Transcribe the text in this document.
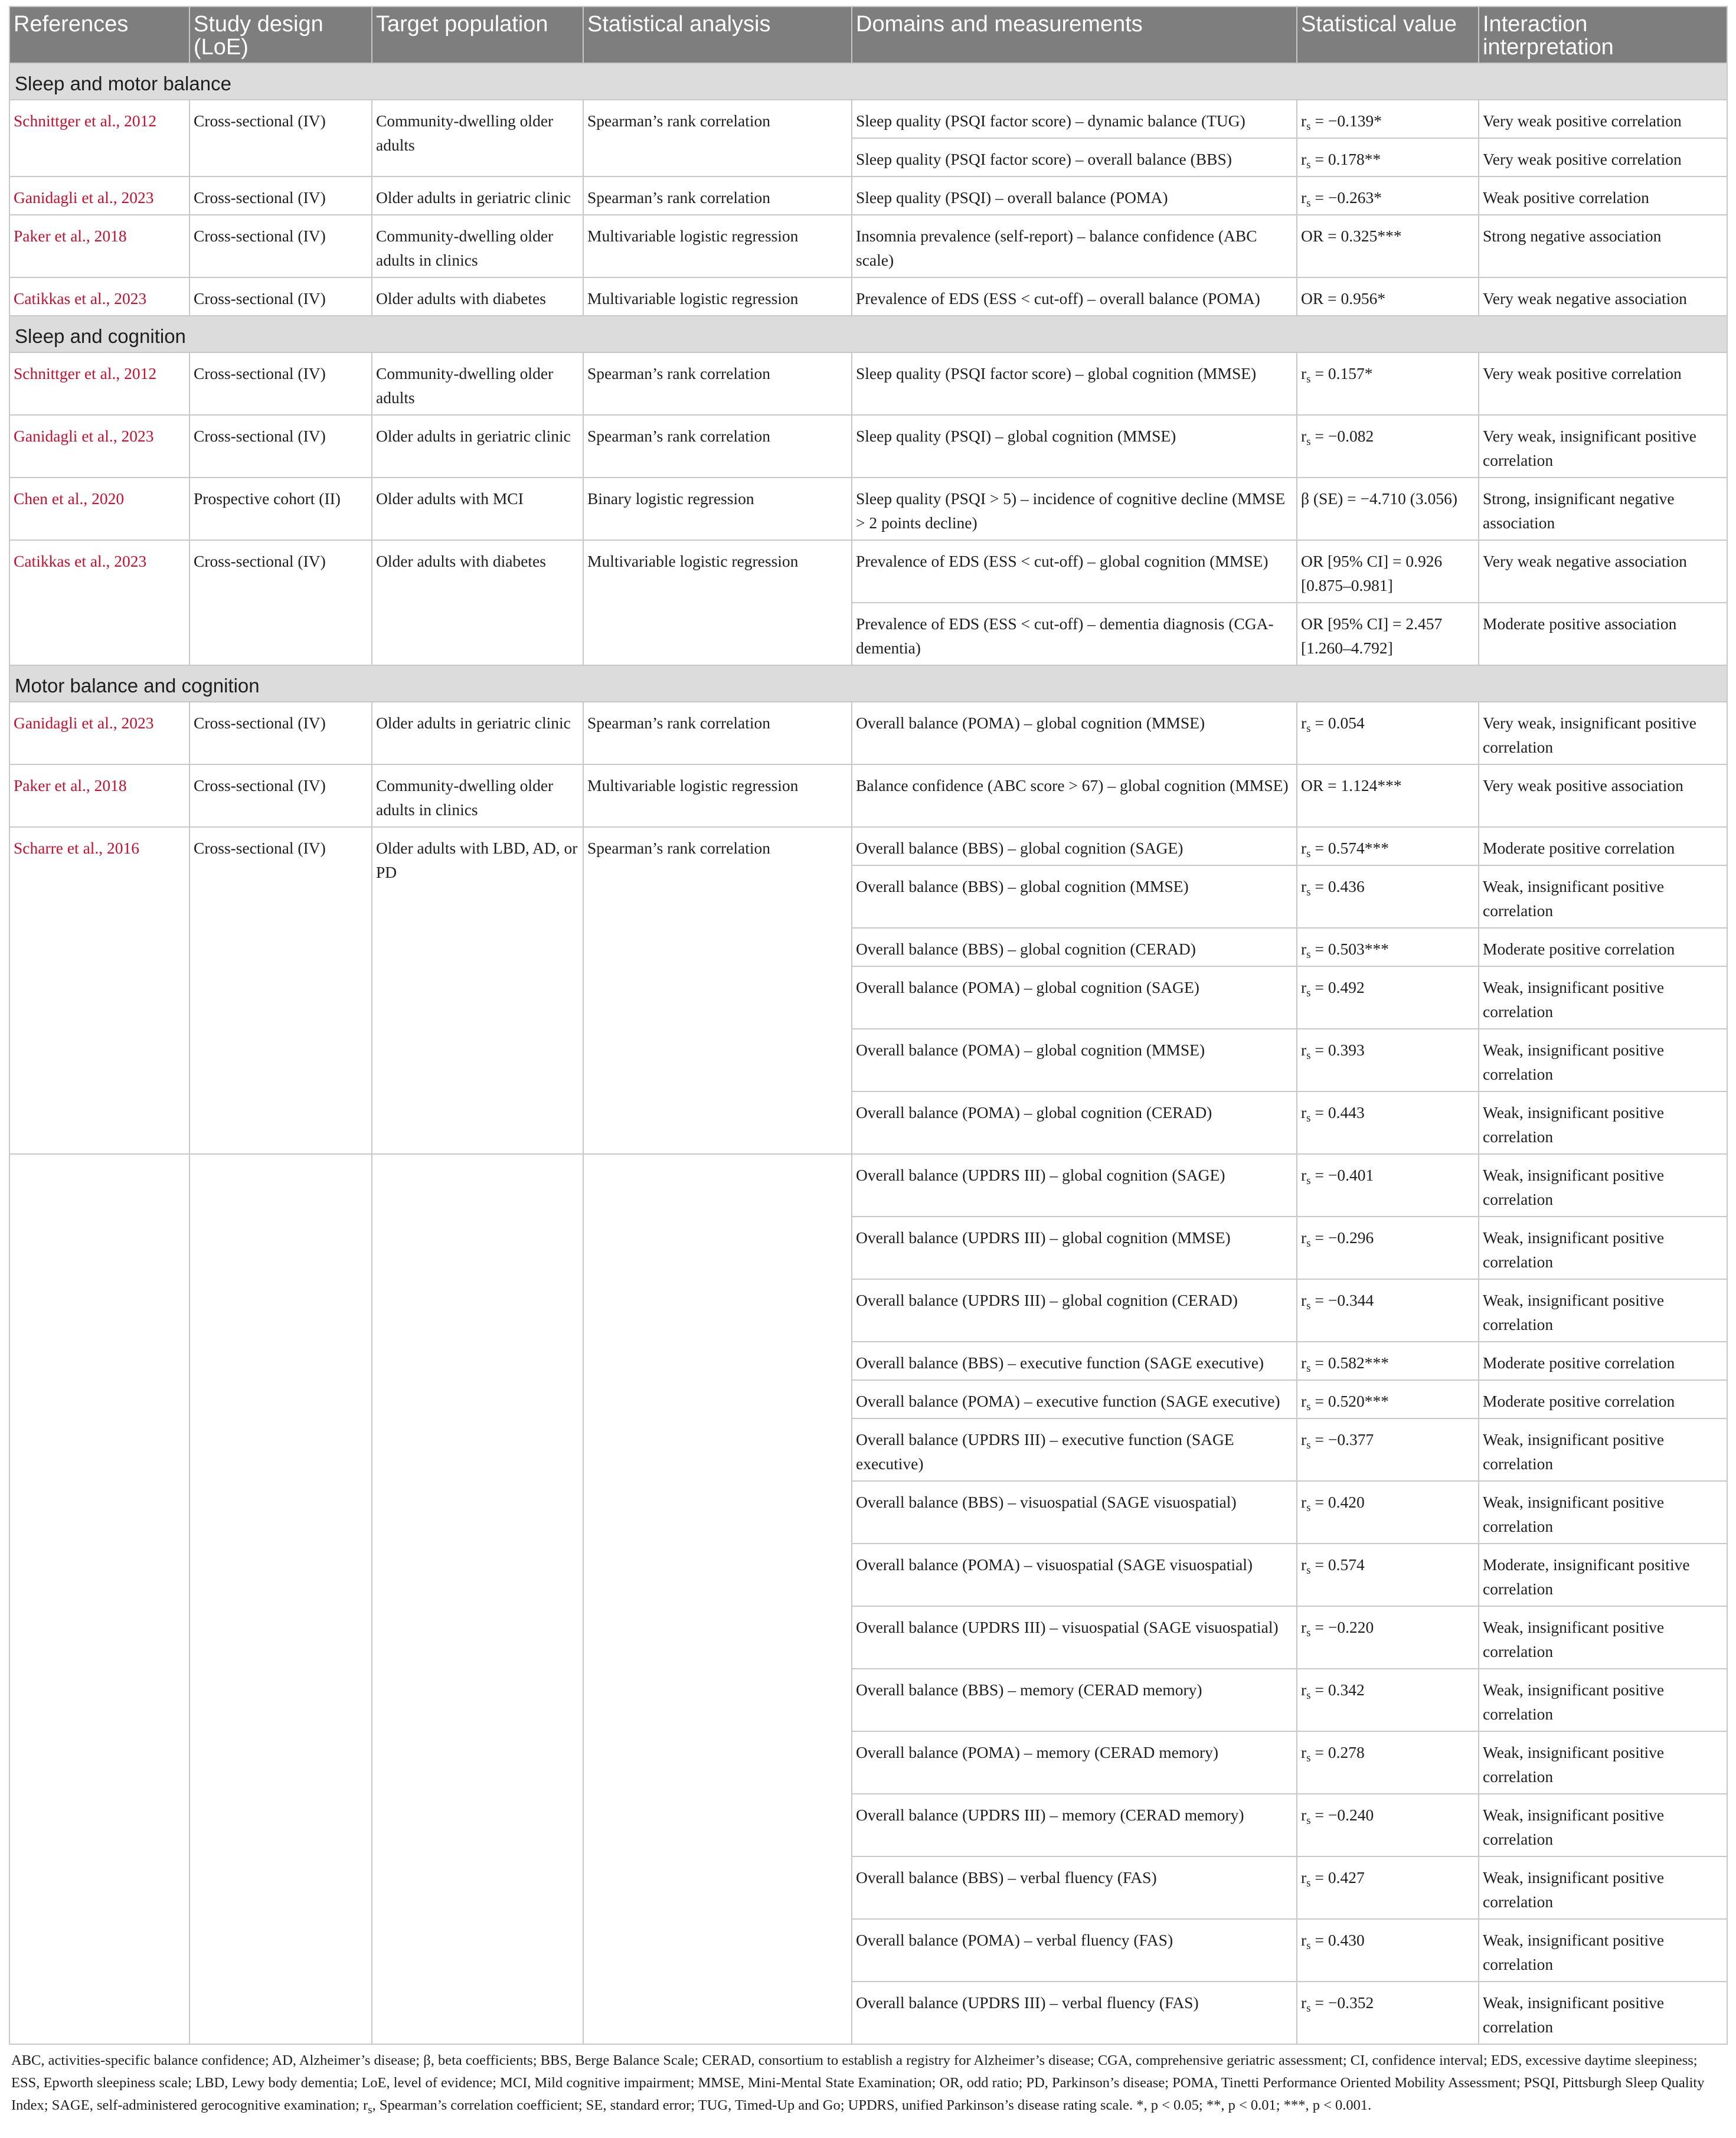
References	Study design (LoE)	Target population	Statistical analysis	Domains and measurements	Statistical value	Interaction interpretation
Sleep and motor balance						
Schnittger et al., 2012	Cross-sectional (IV)	Community-dwelling older adults	Spearman’s rank correlation	Sleep quality (PSQI factor score) – dynamic balance (TUG)	$r_s = -0.139*$	Very weak positive correlation
				Sleep quality (PSQI factor score) – overall balance (BBS)	$r_s = 0.178**$	Very weak positive correlation
Ganidagli et al., 2023	Cross-sectional (IV)	Older adults in geriatric clinic	Spearman’s rank correlation	Sleep quality (PSQI) – overall balance (POMA)	$r_s = -0.263*$	Weak positive correlation
Paker et al., 2018	Cross-sectional (IV)	Community-dwelling older adults in clinics	Multivariable logistic regression	Insomnia prevalence (self-report) – balance confidence (ABC scale)	OR = 0.325***	Strong negative association
Catikkas et al., 2023	Cross-sectional (IV)	Older adults with diabetes	Multivariable logistic regression	Prevalence of EDS (ESS < cut-off) – overall balance (POMA)	OR = 0.956*	Very weak negative association
Sleep and cognition						
Schnittger et al., 2012	Cross-sectional (IV)	Community-dwelling older adults	Spearman’s rank correlation	Sleep quality (PSQI factor score) – global cognition (MMSE)	$r_s = 0.157*$	Very weak positive correlation
Ganidagli et al., 2023	Cross-sectional (IV)	Older adults in geriatric clinic	Spearman’s rank correlation	Sleep quality (PSQI) – global cognition (MMSE)	$r_s = -0.082$	Very weak, insignificant positive correlation
Chen et al., 2020	Prospective cohort (II)	Older adults with MCI	Binary logistic regression	Sleep quality (PSQI > 5) – incidence of cognitive decline (MMSE > 2 points decline)	β (SE) = −4.710 (3.056)	Strong, insignificant negative association
Catikkas et al., 2023	Cross-sectional (IV)	Older adults with diabetes	Multivariable logistic regression	Prevalence of EDS (ESS < cut-off) – global cognition (MMSE)	OR [95% CI] = 0.926 [0.875–0.981]	Very weak negative association
				Prevalence of EDS (ESS < cut-off) – dementia diagnosis (CGA-dementia)	OR [95% CI] = 2.457 [1.260–4.792]	Moderate positive association
Motor balance and cognition						
Ganidagli et al., 2023	Cross-sectional (IV)	Older adults in geriatric clinic	Spearman’s rank correlation	Overall balance (POMA) – global cognition (MMSE)	$r_s = 0.054$	Very weak, insignificant positive correlation
Paker et al., 2018	Cross-sectional (IV)	Community-dwelling older adults in clinics	Multivariable logistic regression	Balance confidence (ABC score > 67) – global cognition (MMSE)	OR = 1.124***	Very weak positive association
Scharre et al., 2016	Cross-sectional (IV)	Older adults with LBD, AD, or PD	Spearman’s rank correlation	Overall balance (BBS) – global cognition (SAGE)	$r_s = 0.574***$	Moderate positive correlation
				Overall balance (BBS) – global cognition (MMSE)	$r_s = 0.436$	Weak, insignificant positive correlation
				Overall balance (BBS) – global cognition (CERAD)	$r_s = 0.503***$	Moderate positive correlation
				Overall balance (POMA) – global cognition (SAGE)	$r_s = 0.492$	Weak, insignificant positive correlation
				Overall balance (POMA) – global cognition (MMSE)	$r_s = 0.393$	Weak, insignificant positive correlation
				Overall balance (POMA) – global cognition (CERAD)	$r_s = 0.443$	Weak, insignificant positive correlation
				Overall balance (UPDRS III) – global cognition (SAGE)	$r_s = -0.401$	Weak, insignificant positive correlation
				Overall balance (UPDRS III) – global cognition (MMSE)	$r_s = -0.296$	Weak, insignificant positive correlation
				Overall balance (UPDRS III) – global cognition (CERAD)	$r_s = -0.344$	Weak, insignificant positive correlation
				Overall balance (BBS) – executive function (SAGE executive)	$r_s = 0.582***$	Moderate positive correlation
				Overall balance (POMA) – executive function (SAGE executive)	$r_s = 0.520***$	Moderate positive correlation
				Overall balance (UPDRS III) – executive function (SAGE executive)	$r_s = -0.377$	Weak, insignificant positive correlation
				Overall balance (BBS) – visuospatial (SAGE visuospatial)	$r_s = 0.420$	Weak, insignificant positive correlation
				Overall balance (POMA) – visuospatial (SAGE visuospatial)	$r_s = 0.574$	Moderate, insignificant positive correlation
				Overall balance (UPDRS III) – visuospatial (SAGE visuospatial)	$r_s = -0.220$	Weak, insignificant positive correlation
				Overall balance (BBS) – memory (CERAD memory)	$r_s = 0.342$	Weak, insignificant positive correlation
				Overall balance (POMA) – memory (CERAD memory)	$r_s = 0.278$	Weak, insignificant positive correlation
				Overall balance (UPDRS III) – memory (CERAD memory)	$r_s = -0.240$	Weak, insignificant positive correlation
				Overall balance (BBS) – verbal fluency (FAS)	$r_s = 0.427$	Weak, insignificant positive correlation
				Overall balance (POMA) – verbal fluency (FAS)	$r_s = 0.430$	Weak, insignificant positive correlation
				Overall balance (UPDRS III) – verbal fluency (FAS)	$r_s = -0.352$	Weak, insignificant positive correlation
ABC, activities-specific balance confidence; AD, Alzheimer’s disease; β, beta coefficients; BBS, Berge Balance Scale; CERAD, consortium to establish a registry for Alzheimer’s disease; CGA, comprehensive geriatric assessment; CI, confidence interval; EDS, excessive daytime sleepiness; ESS, Epworth sleepiness scale; LBD, Lewy body dementia; LoE, level of evidence; MCI, Mild cognitive impairment; MMSE, Mini-Mental State Examination; OR, odd ratio; PD, Parkinson’s disease; POMA, Tinetti Performance Oriented Mobility Assessment; PSQI, Pittsburgh Sleep Quality Index; SAGE, self-administered gerocognitive examination; $r_s$, Spearman’s correlation coefficient; SE, standard error; TUG, Timed-Up and Go; UPDRS, unified Parkinson’s disease rating scale. *, p < 0.05; **, p < 0.01; ***, p < 0.001.
